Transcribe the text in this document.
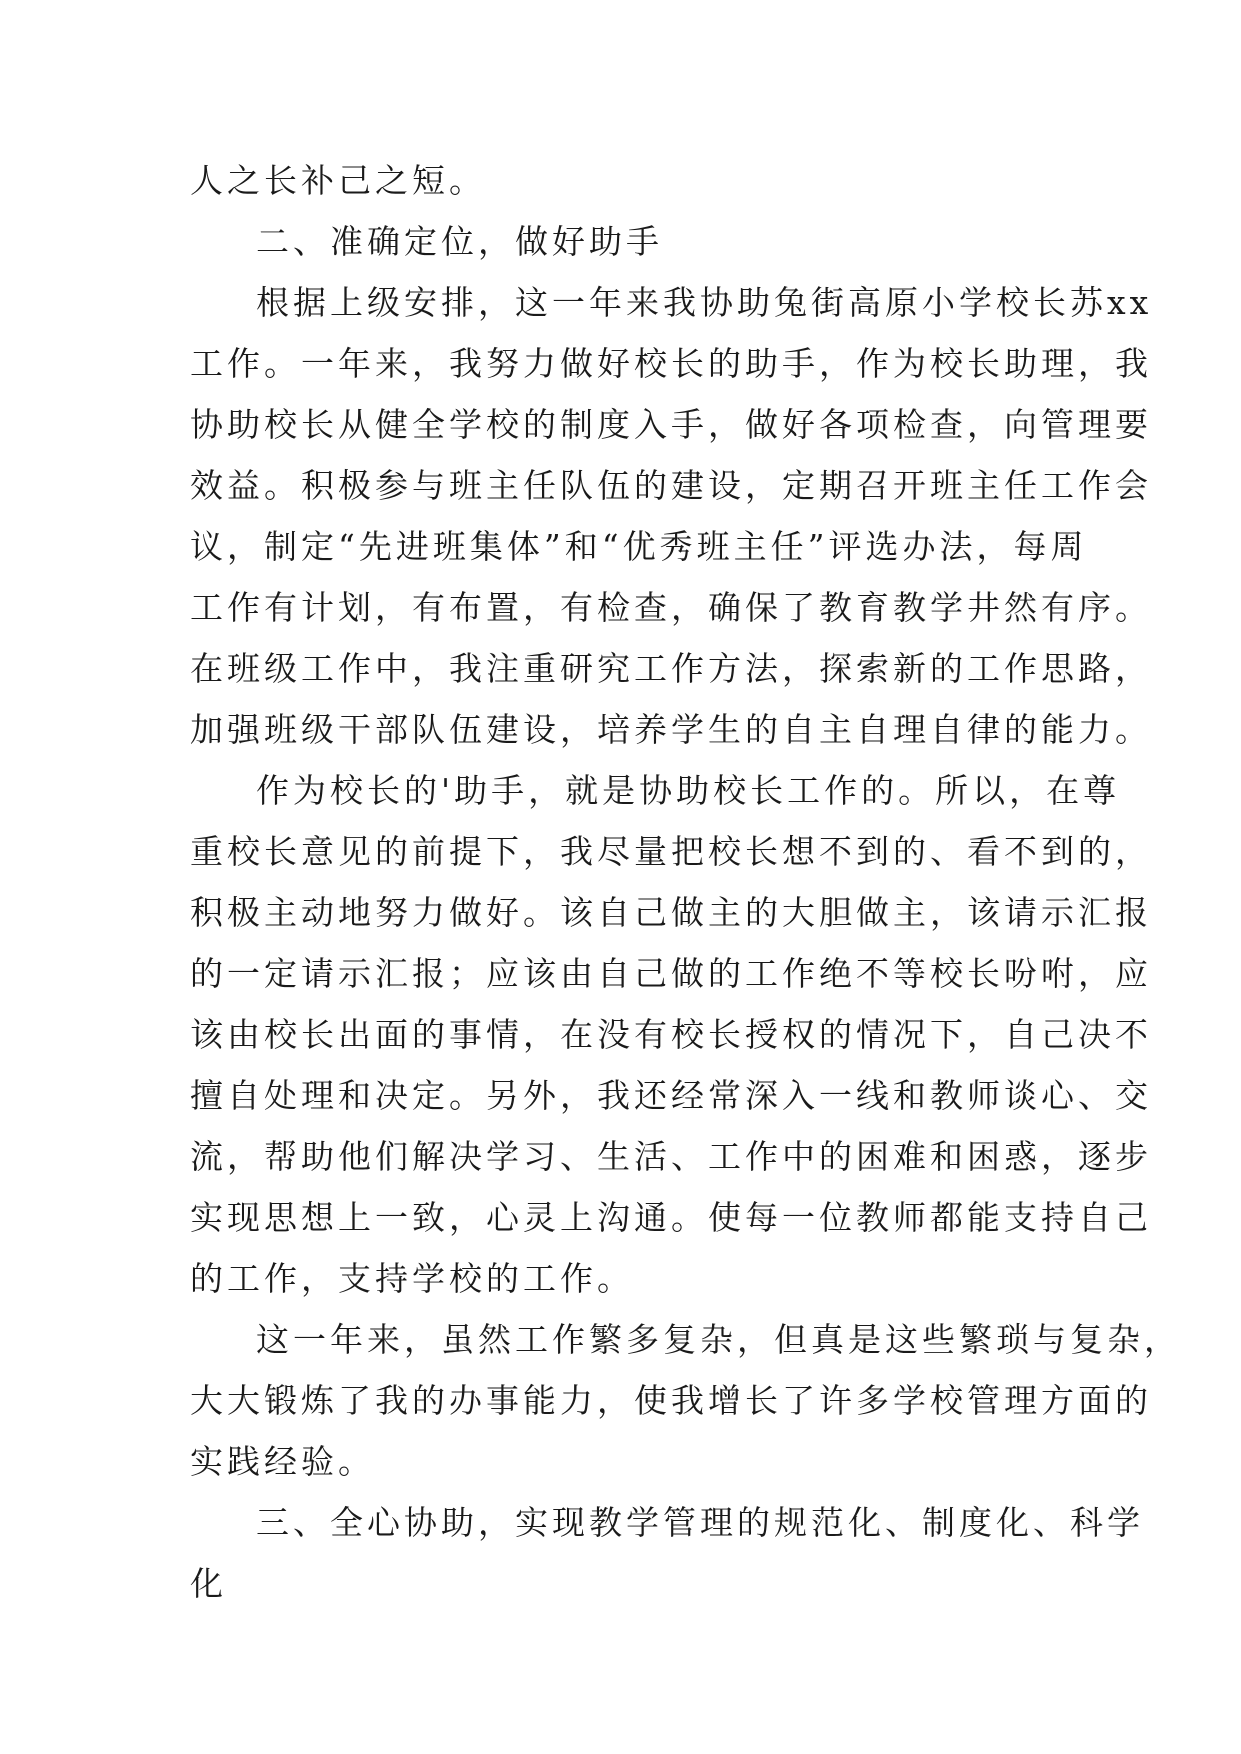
人之长补己之短。
二、准确定位，做好助手
根据上级安排，这一年来我协助兔街高原小学校长苏xx
工作。一年来，我努力做好校长的助手，作为校长助理，我
协助校长从健全学校的制度入手，做好各项检查，向管理要
效益。积极参与班主任队伍的建设，定期召开班主任工作会
议，制定“先进班集体”和“优秀班主任”评选办法，每周
工作有计划，有布置，有检查，确保了教育教学井然有序。
在班级工作中，我注重研究工作方法，探索新的工作思路，
加强班级干部队伍建设，培养学生的自主自理自律的能力。
作为校长的'助手，就是协助校长工作的。所以，在尊
重校长意见的前提下，我尽量把校长想不到的、看不到的，
积极主动地努力做好。该自己做主的大胆做主，该请示汇报
的一定请示汇报；应该由自己做的工作绝不等校长吩咐，应
该由校长出面的事情，在没有校长授权的情况下，自己决不
擅自处理和决定。另外，我还经常深入一线和教师谈心、交
流，帮助他们解决学习、生活、工作中的困难和困惑，逐步
实现思想上一致，心灵上沟通。使每一位教师都能支持自己
的工作，支持学校的工作。
这一年来，虽然工作繁多复杂，但真是这些繁琐与复杂，
大大锻炼了我的办事能力，使我增长了许多学校管理方面的
实践经验。
三、全心协助，实现教学管理的规范化、制度化、科学
化
